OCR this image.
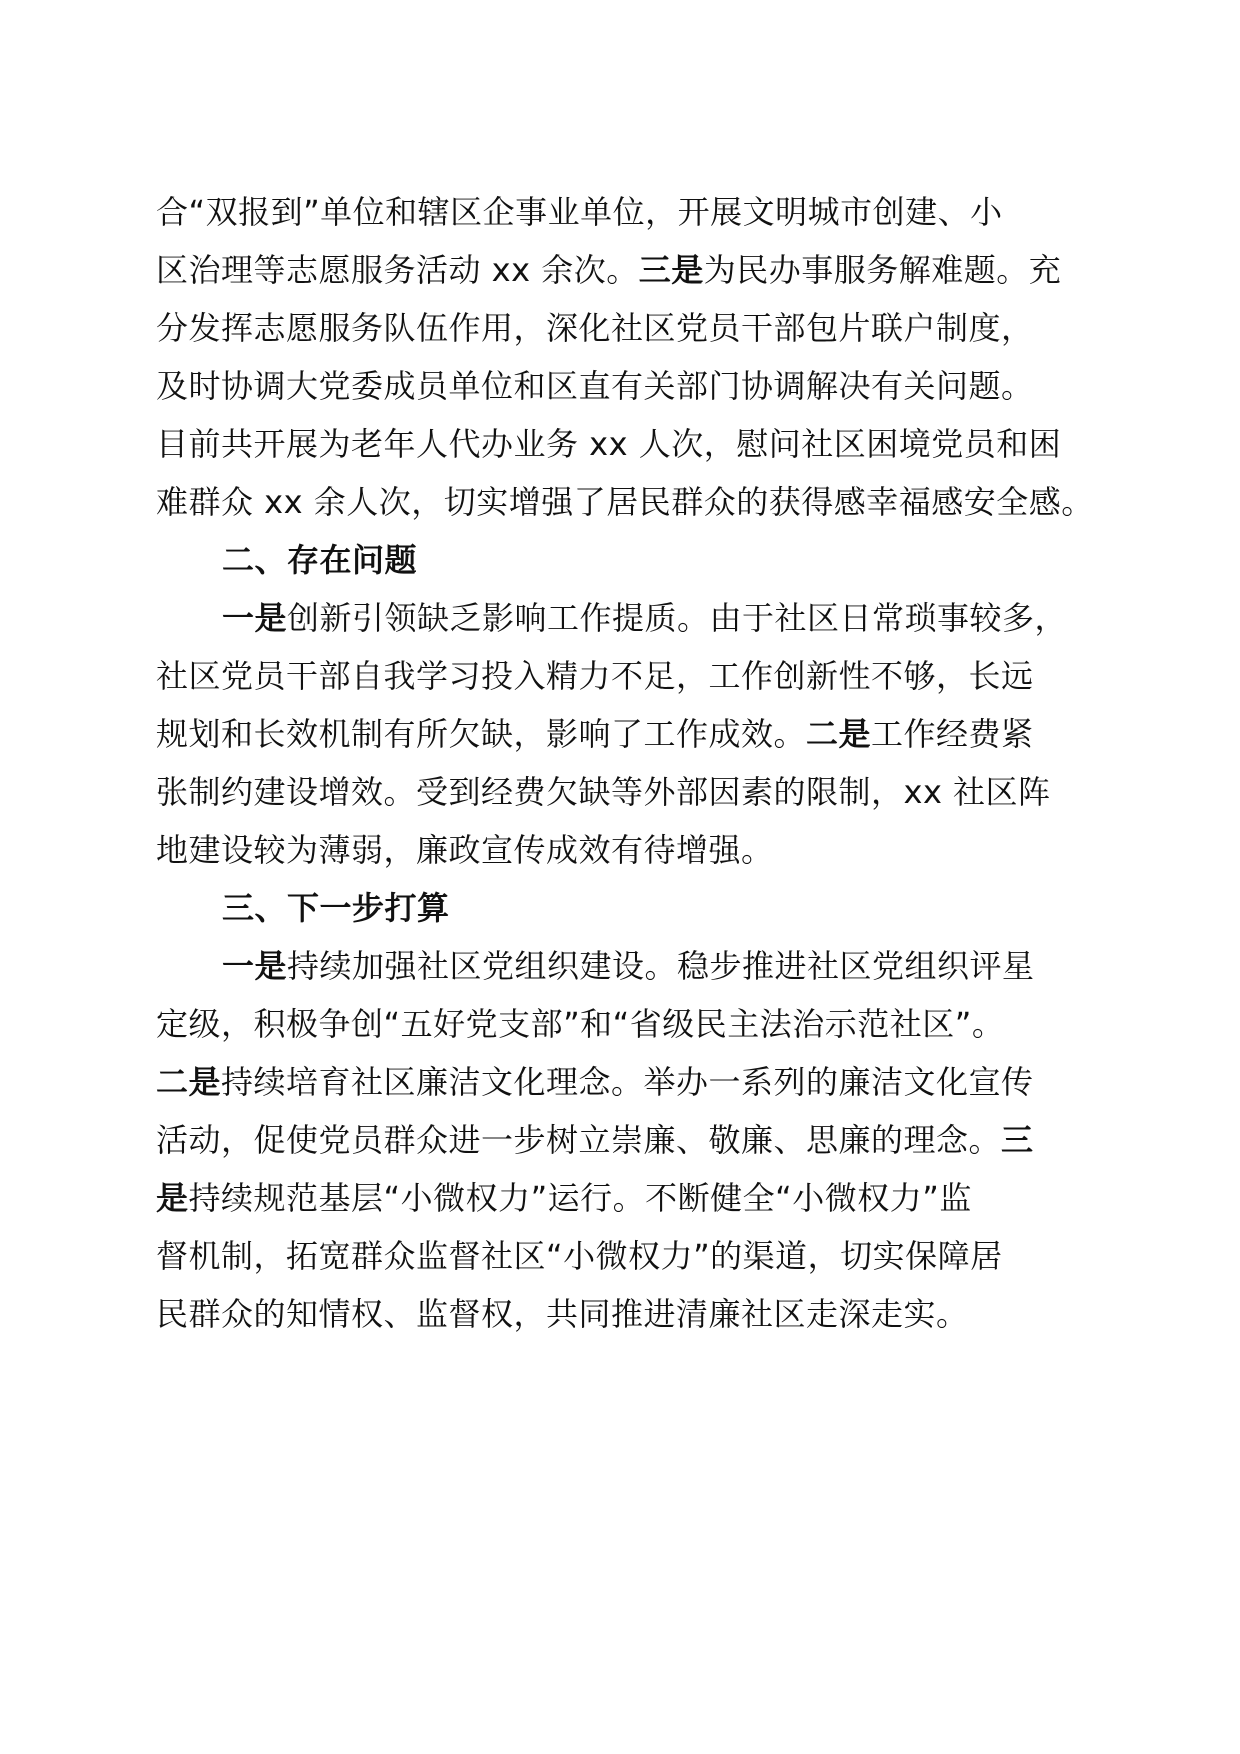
合“双报到”单位和辖区企事业单位，开展文明城市创建、小
区治理等志愿服务活动 xx 余次。三是为民办事服务解难题。充
分发挥志愿服务队伍作用，深化社区党员干部包片联户制度，
及时协调大党委成员单位和区直有关部门协调解决有关问题。
目前共开展为老年人代办业务 xx 人次，慰问社区困境党员和困
难群众 xx 余人次，切实增强了居民群众的获得感幸福感安全感。
二、存在问题
一是创新引领缺乏影响工作提质。由于社区日常琐事较多，
社区党员干部自我学习投入精力不足，工作创新性不够，长远
规划和长效机制有所欠缺，影响了工作成效。二是工作经费紧
张制约建设增效。受到经费欠缺等外部因素的限制，xx 社区阵
地建设较为薄弱，廉政宣传成效有待增强。
三、下一步打算
一是持续加强社区党组织建设。稳步推进社区党组织评星
定级，积极争创“五好党支部”和“省级民主法治示范社区”。
二是持续培育社区廉洁文化理念。举办一系列的廉洁文化宣传
活动，促使党员群众进一步树立崇廉、敬廉、思廉的理念。三
是持续规范基层“小微权力”运行。不断健全“小微权力”监
督机制，拓宽群众监督社区“小微权力”的渠道，切实保障居
民群众的知情权、监督权，共同推进清廉社区走深走实。
